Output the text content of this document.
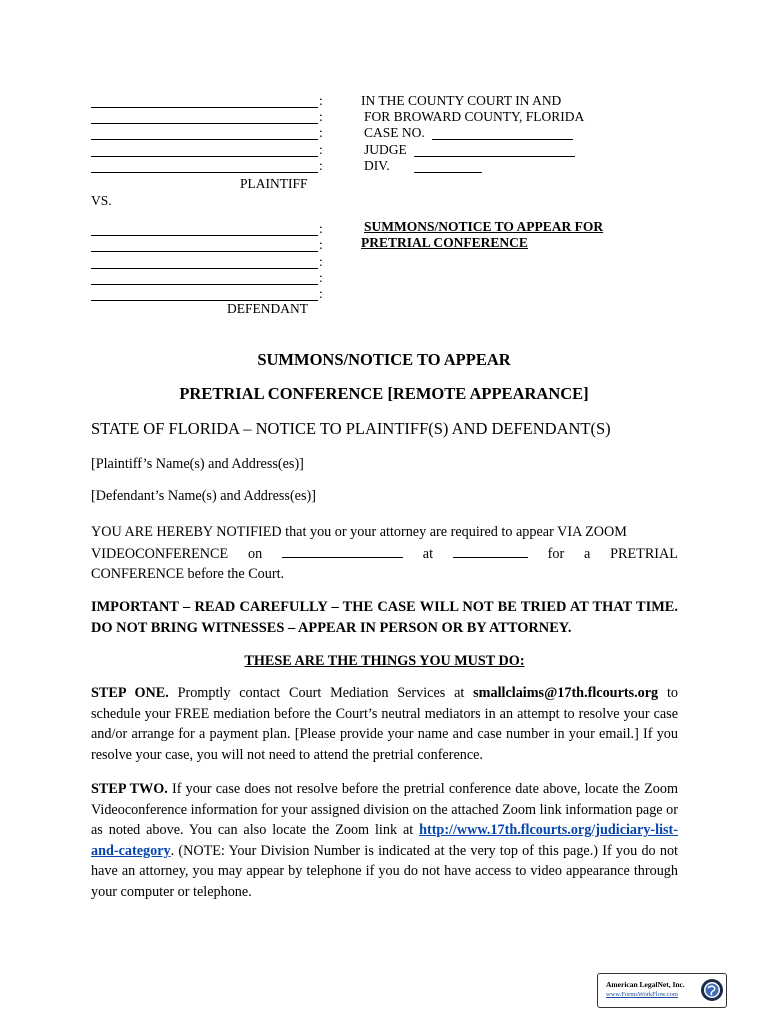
:
:
:
:
:
PLAINTIFF
VS.
:
:
:
:
:
DEFENDANT
IN THE COUNTY COURT IN AND
FOR BROWARD COUNTY, FLORIDA
CASE NO.
JUDGE
DIV.
SUMMONS/NOTICE TO APPEAR FOR
PRETRIAL CONFERENCE
SUMMONS/NOTICE TO APPEAR
PRETRIAL CONFERENCE [REMOTE APPEARANCE]
STATE OF FLORIDA – NOTICE TO PLAINTIFF(S) AND DEFENDANT(S)
[Plaintiff’s Name(s) and Address(es)]
[Defendant’s Name(s) and Address(es)]
YOU ARE HEREBY NOTIFIED that you or your attorney are required to appear VIA ZOOM
VIDEOCONFERENCE on	at	for a PRETRIAL
CONFERENCE before the Court.
IMPORTANT – READ CAREFULLY – THE CASE WILL NOT BE TRIED AT THAT TIME. DO NOT BRING WITNESSES – APPEAR IN PERSON OR BY ATTORNEY.
THESE ARE THE THINGS YOU MUST DO:
STEP ONE. Promptly contact Court Mediation Services at smallclaims@17th.flcourts.org to schedule your FREE mediation before the Court’s neutral mediators in an attempt to resolve your case and/or arrange for a payment plan. [Please provide your name and case number in your email.] If you resolve your case, you will not need to attend the pretrial conference.
STEP TWO. If your case does not resolve before the pretrial conference date above, locate the Zoom Videoconference information for your assigned division on the attached Zoom link information page or as noted above. You can also locate the Zoom link at http://www.17th.flcourts.org/judiciary-list-and-category. (NOTE: Your Division Number is indicated at the very top of this page.) If you do not have an attorney, you may appear by telephone if you do not have access to video appearance through your computer or telephone.
American LegalNet, Inc.
www.FormsWorkFlow.com
